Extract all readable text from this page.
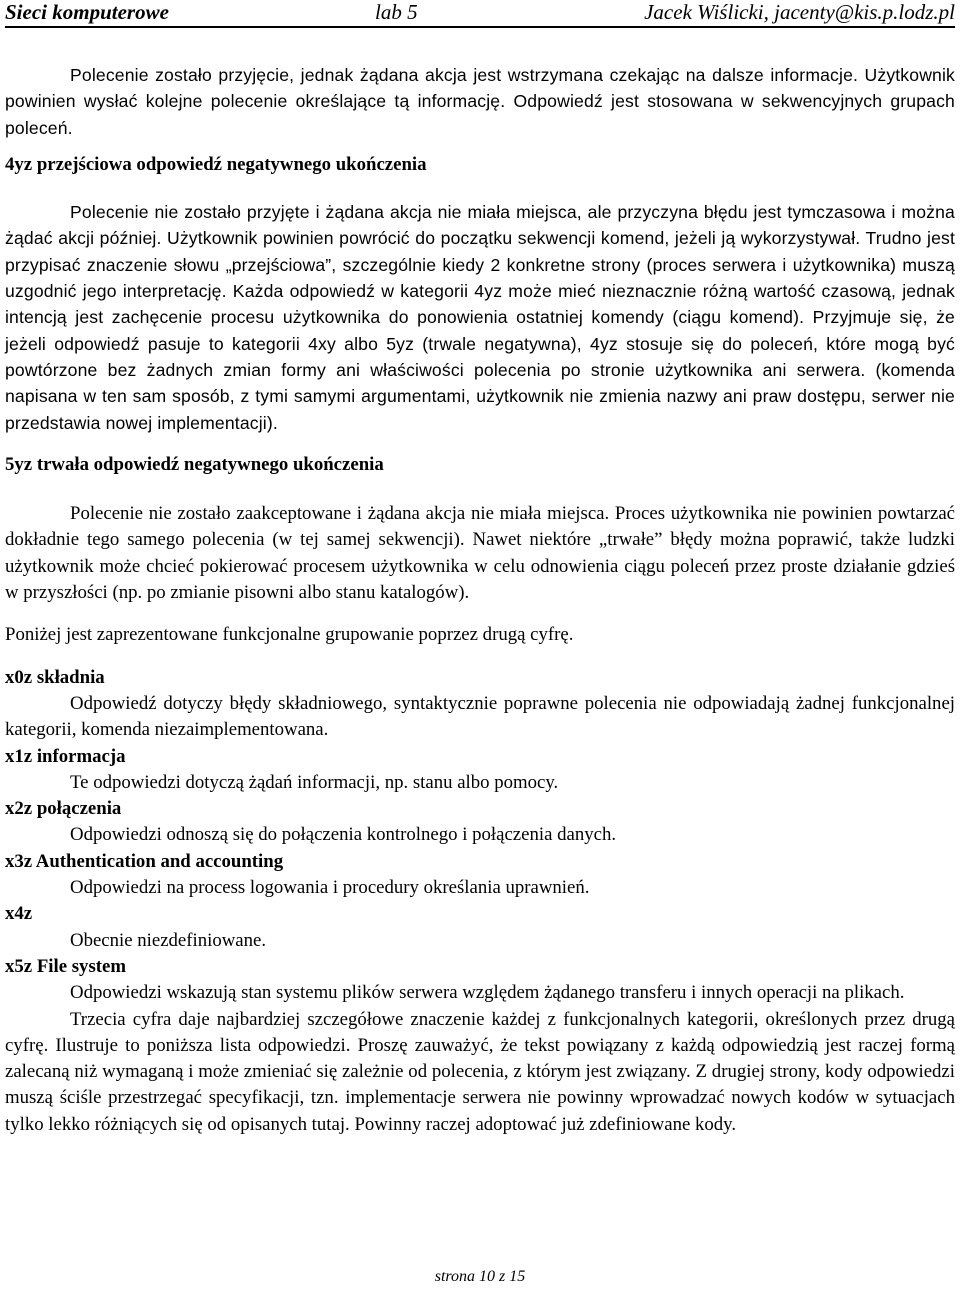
Sieci komputerowe	lab 5	Jacek Wiślicki, jacenty@kis.p.lodz.pl

Polecenie zostało przyjęcie, jednak żądana akcja jest wstrzymana czekając na dalsze informacje. Użytkownik powinien wysłać kolejne polecenie określające tą informację. Odpowiedź jest stosowana w sekwencyjnych grupach poleceń.

4yz przejściowa odpowiedź negatywnego ukończenia

Polecenie nie zostało przyjęte i żądana akcja nie miała miejsca, ale przyczyna błędu jest tymczasowa i można żądać akcji później. Użytkownik powinien powrócić do początku sekwencji komend, jeżeli ją wykorzystywał. Trudno jest przypisać znaczenie słowu „przejściowa”, szczególnie kiedy 2 konkretne strony (proces serwera i użytkownika) muszą uzgodnić jego interpretację. Każda odpowiedź w kategorii 4yz może mieć nieznacznie różną wartość czasową, jednak intencją jest zachęcenie procesu użytkownika do ponowienia ostatniej komendy (ciągu komend). Przyjmuje się, że jeżeli odpowiedź pasuje to kategorii 4xy albo 5yz (trwale negatywna), 4yz stosuje się do poleceń, które mogą być powtórzone bez żadnych zmian formy ani właściwości polecenia po stronie użytkownika ani serwera. (komenda napisana w ten sam sposób, z tymi samymi argumentami, użytkownik nie zmienia nazwy ani praw dostępu, serwer nie przedstawia nowej implementacji).

5yz trwała odpowiedź negatywnego ukończenia

Polecenie nie zostało zaakceptowane i żądana akcja nie miała miejsca. Proces użytkownika nie powinien powtarzać dokładnie tego samego polecenia (w tej samej sekwencji). Nawet niektóre „trwałe” błędy można poprawić, także ludzki użytkownik może chcieć pokierować procesem użytkownika w celu odnowienia ciągu poleceń przez proste działanie gdzieś w przyszłości (np. po zmianie pisowni albo stanu katalogów).

Poniżej jest zaprezentowane funkcjonalne grupowanie poprzez drugą cyfrę.

x0z składnia

Odpowiedź dotyczy błędy składniowego, syntaktycznie poprawne polecenia nie odpowiadają żadnej funkcjonalnej kategorii, komenda niezaimplementowana.

x1z informacja

Te odpowiedzi dotyczą żądań informacji, np. stanu albo pomocy.

x2z połączenia

Odpowiedzi odnoszą się do połączenia kontrolnego i połączenia danych.

x3z Authentication and accounting

Odpowiedzi na process logowania i procedury określania uprawnień.

x4z

Obecnie niezdefiniowane.

x5z File system

Odpowiedzi wskazują stan systemu plików serwera względem żądanego transferu i innych operacji na plikach.

Trzecia cyfra daje najbardziej szczegółowe znaczenie każdej z funkcjonalnych kategorii, określonych przez drugą cyfrę. Ilustruje to poniższa lista odpowiedzi. Proszę zauważyć, że tekst powiązany z każdą odpowiedzią jest raczej formą zalecaną niż wymaganą i może zmieniać się zależnie od polecenia, z którym jest związany. Z drugiej strony, kody odpowiedzi muszą ściśle przestrzegać specyfikacji, tzn. implementacje serwera nie powinny wprowadzać nowych kodów w sytuacjach tylko lekko różniących się od opisanych tutaj. Powinny raczej adoptować już zdefiniowane kody.

strona 10 z 15
